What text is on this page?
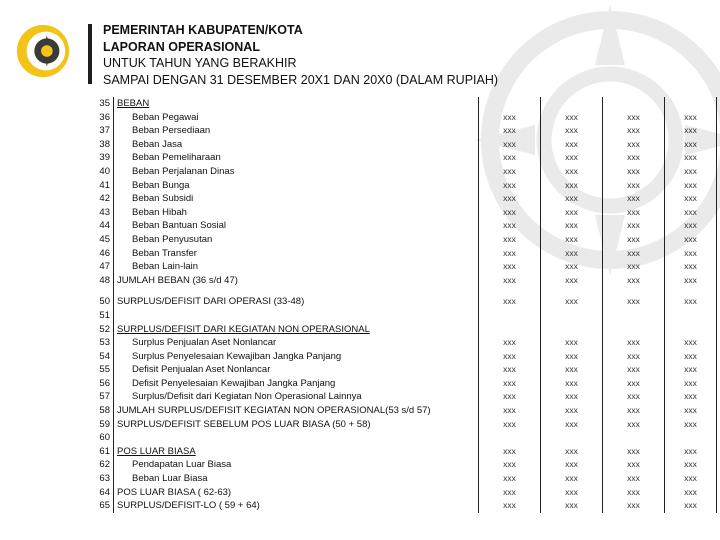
PEMERINTAH KABUPATEN/KOTA
LAPORAN OPERASIONAL
UNTUK TAHUN YANG BERAKHIR
SAMPAI DENGAN 31 DESEMBER 20X1 DAN 20X0 (DALAM RUPIAH)
35	BEBAN				
36	Beban Pegawai	xxx	xxx	xxx	xxx
37	Beban Persediaan	xxx	xxx	xxx	xxx
38	Beban Jasa	xxx	xxx	xxx	xxx
39	Beban Pemeliharaan	xxx	xxx	xxx	xxx
40	Beban Perjalanan Dinas	xxx	xxx	xxx	xxx
41	Beban Bunga	xxx	xxx	xxx	xxx
42	Beban Subsidi	xxx	xxx	xxx	xxx
43	Beban Hibah	xxx	xxx	xxx	xxx
44	Beban Bantuan Sosial	xxx	xxx	xxx	xxx
45	Beban Penyusutan	xxx	xxx	xxx	xxx
46	Beban Transfer	xxx	xxx	xxx	xxx
47	Beban Lain-lain	xxx	xxx	xxx	xxx
48	JUMLAH BEBAN (36 s/d 47)	xxx	xxx	xxx	xxx

50	SURPLUS/DEFISIT DARI OPERASI (33-48)	xxx	xxx	xxx	xxx
51					
52	SURPLUS/DEFISIT DARI KEGIATAN NON OPERASIONAL				
53	Surplus Penjualan Aset Nonlancar	xxx	xxx	xxx	xxx
54	Surplus Penyelesaian Kewajiban Jangka Panjang	xxx	xxx	xxx	xxx
55	Defisit Penjualan Aset Nonlancar	xxx	xxx	xxx	xxx
56	Defisit Penyelesaian Kewajiban Jangka Panjang	xxx	xxx	xxx	xxx
57	Surplus/Defisit dari Kegiatan Non Operasional Lainnya	xxx	xxx	xxx	xxx
58	JUMLAH SURPLUS/DEFISIT KEGIATAN NON OPERASIONAL(53 s/d 57)	xxx	xxx	xxx	xxx
59	SURPLUS/DEFISIT SEBELUM POS LUAR BIASA (50 + 58)	xxx	xxx	xxx	xxx
60					
61	POS LUAR BIASA	xxx	xxx	xxx	xxx
62	Pendapatan Luar Biasa	xxx	xxx	xxx	xxx
63	Beban Luar Biasa	xxx	xxx	xxx	xxx
64	POS LUAR BIASA ( 62-63)	xxx	xxx	xxx	xxx
65	SURPLUS/DEFISIT-LO ( 59 + 64)	xxx	xxx	xxx	xxx
